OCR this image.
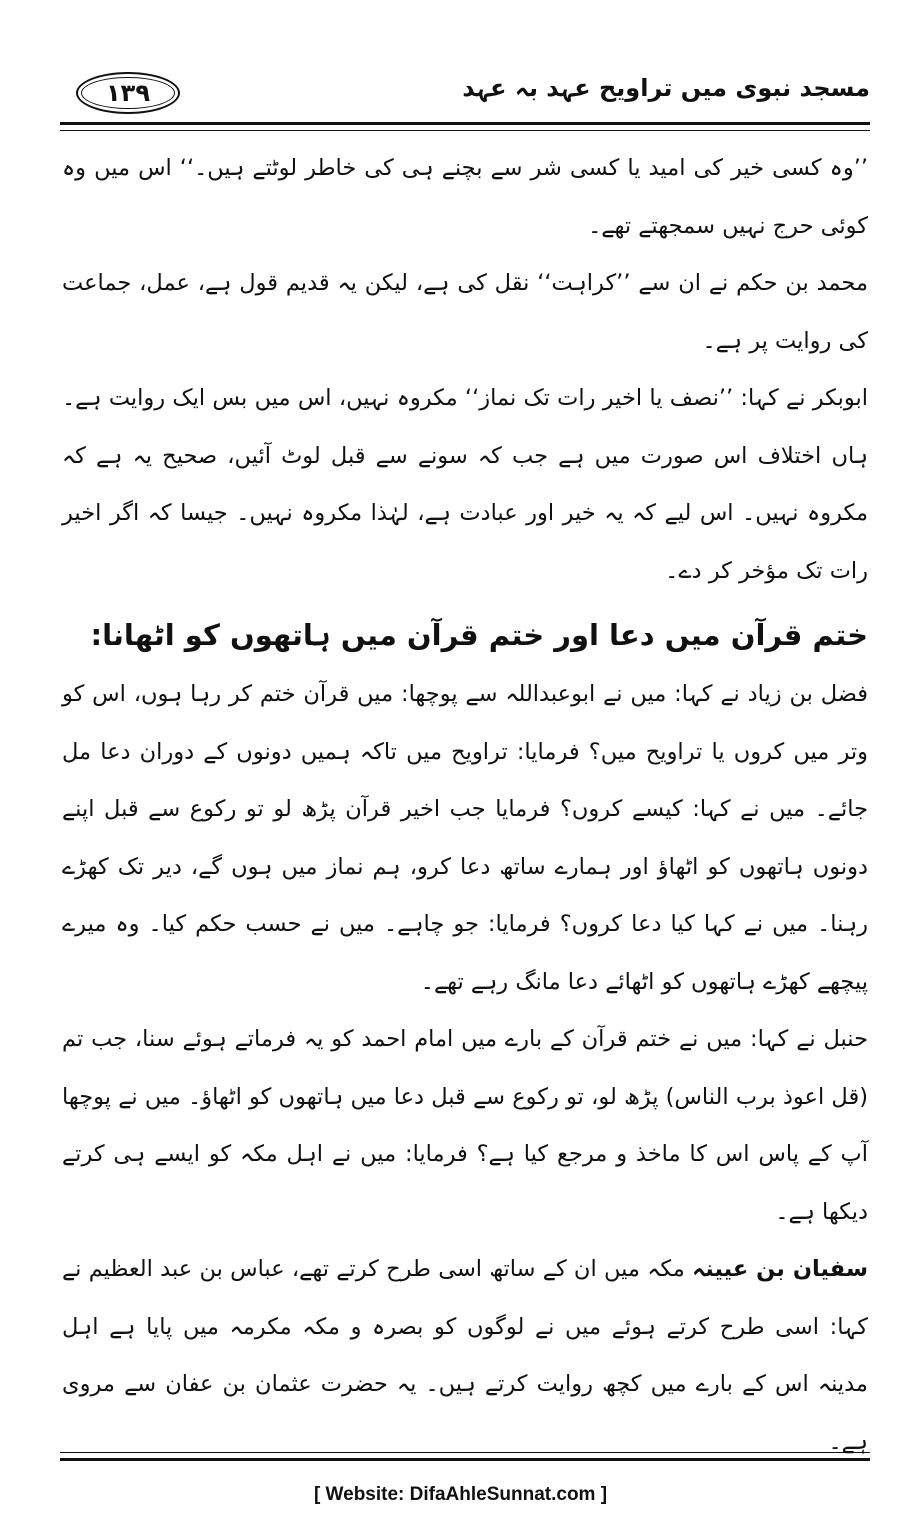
مسجد نبوی میں تراویح عہد بہ عہد
۱۳۹

’’وہ کسی خیر کی امید یا کسی شر سے بچنے ہی کی خاطر لوٹتے ہیں۔‘‘ اس میں وہ کوئی حرج نہیں سمجھتے تھے۔

محمد بن حکم نے ان سے ’’کراہت‘‘ نقل کی ہے، لیکن یہ قدیم قول ہے، عمل، جماعت کی روایت پر ہے۔

ابوبکر نے کہا: ’’نصف یا اخیر رات تک نماز‘‘ مکروہ نہیں، اس میں بس ایک روایت ہے۔ ہاں اختلاف اس صورت میں ہے جب کہ سونے سے قبل لوٹ آئیں، صحیح یہ ہے کہ مکروہ نہیں۔ اس لیے کہ یہ خیر اور عبادت ہے، لہٰذا مکروہ نہیں۔ جیسا کہ اگر اخیر رات تک مؤخر کر دے۔

ختم قرآن میں دعا اور ختم قرآن میں ہاتھوں کو اٹھانا:

فضل بن زیاد نے کہا: میں نے ابوعبداللہ سے پوچھا: میں قرآن ختم کر رہا ہوں، اس کو وتر میں کروں یا تراویح میں؟ فرمایا: تراویح میں تاکہ ہمیں دونوں کے دوران دعا مل جائے۔ میں نے کہا: کیسے کروں؟ فرمایا جب اخیر قرآن پڑھ لو تو رکوع سے قبل اپنے دونوں ہاتھوں کو اٹھاؤ اور ہمارے ساتھ دعا کرو، ہم نماز میں ہوں گے، دیر تک کھڑے رہنا۔ میں نے کہا کیا دعا کروں؟ فرمایا: جو چاہے۔ میں نے حسب حکم کیا۔ وہ میرے پیچھے کھڑے ہاتھوں کو اٹھائے دعا مانگ رہے تھے۔

حنبل نے کہا: میں نے ختم قرآن کے بارے میں امام احمد کو یہ فرماتے ہوئے سنا، جب تم (قل اعوذ برب الناس) پڑھ لو، تو رکوع سے قبل دعا میں ہاتھوں کو اٹھاؤ۔ میں نے پوچھا آپ کے پاس اس کا ماخذ و مرجع کیا ہے؟ فرمایا: میں نے اہل مکہ کو ایسے ہی کرتے دیکھا ہے۔

سفیان بن عیینہ مکہ میں ان کے ساتھ اسی طرح کرتے تھے، عباس بن عبد العظیم نے کہا: اسی طرح کرتے ہوئے میں نے لوگوں کو بصرہ و مکہ مکرمہ میں پایا ہے اہل مدینہ اس کے بارے میں کچھ روایت کرتے ہیں۔ یہ حضرت عثمان بن عفان سے مروی ہے۔

[ Website: DifaAhleSunnat.com ]
